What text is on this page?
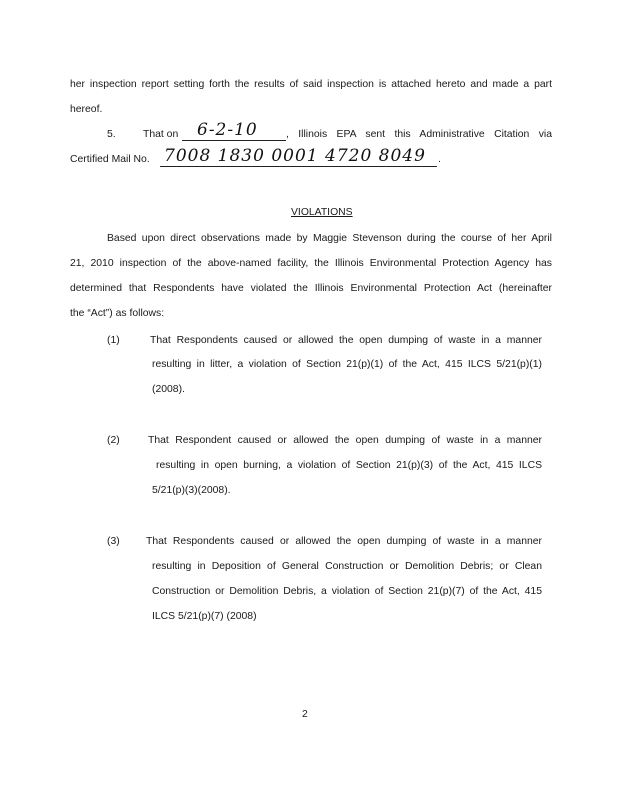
her inspection report setting forth the results of said inspection is attached hereto and made a part
hereof.
5.	That on 6-2-10	, Illinois EPA sent this Administrative Citation via
Certified Mail No. 7008 1830 0001 4720 8049 .
VIOLATIONS
Based upon direct observations made by Maggie Stevenson during the course of her April
21, 2010 inspection of the above-named facility, the Illinois Environmental Protection Agency has
determined that Respondents have violated the Illinois Environmental Protection Act (hereinafter
the “Act”) as follows:
(1)	That Respondents caused or allowed the open dumping of waste in a manner
resulting in litter, a violation of Section 21(p)(1) of the Act, 415 ILCS 5/21(p)(1)
(2008).
(2)	That Respondent caused or allowed the open dumping of waste in a manner
resulting in open burning, a violation of Section 21(p)(3) of the Act, 415 ILCS
5/21(p)(3)(2008).
(3)	That Respondents caused or allowed the open dumping of waste in a manner
resulting in Deposition of General Construction or Demolition Debris; or Clean
Construction or Demolition Debris, a violation of Section 21(p)(7) of the Act, 415
ILCS 5/21(p)(7) (2008)
2
